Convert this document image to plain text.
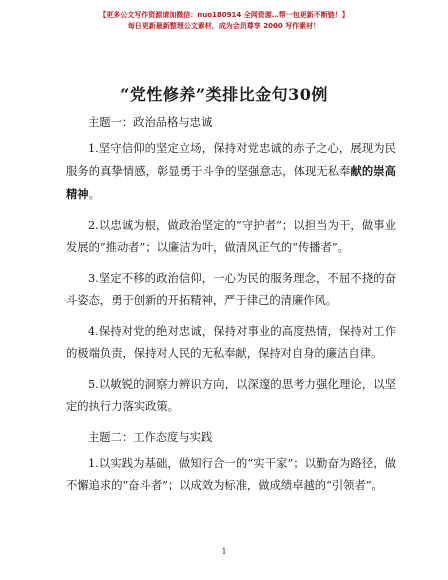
【更多公文写作资源请加微信：nuo180914 全网资源…帮一包更新不断链！】
每日更新最新整理公文素材，成为会员尊享 2000 写作素材！
“党性修养”类排比金句30例

主题一：政治品格与忠诚

1.坚守信仰的坚定立场，保持对党忠诚的赤子之心，展现为民服务的真挚情感，彰显勇于斗争的坚强意志，体现无私奉献的崇高精神。

2.以忠诚为根，做政治坚定的“守护者”；以担当为干，做事业发展的“推动者”；以廉洁为叶，做清风正气的“传播者”。

3.坚定不移的政治信仰，一心为民的服务理念，不屈不挠的奋斗姿态，勇于创新的开拓精神，严于律己的清廉作风。

4.保持对党的绝对忠诚，保持对事业的高度热情，保持对工作的极端负责，保持对人民的无私奉献，保持对自身的廉洁自律。

5.以敏锐的洞察力辨识方向，以深邃的思考力强化理论，以坚定的执行力落实政策。

主题二：工作态度与实践

1.以实践为基础，做知行合一的“实干家”；以勤奋为路径，做不懈追求的“奋斗者”；以成效为标准，做成绩卓越的“引领者”。

1
